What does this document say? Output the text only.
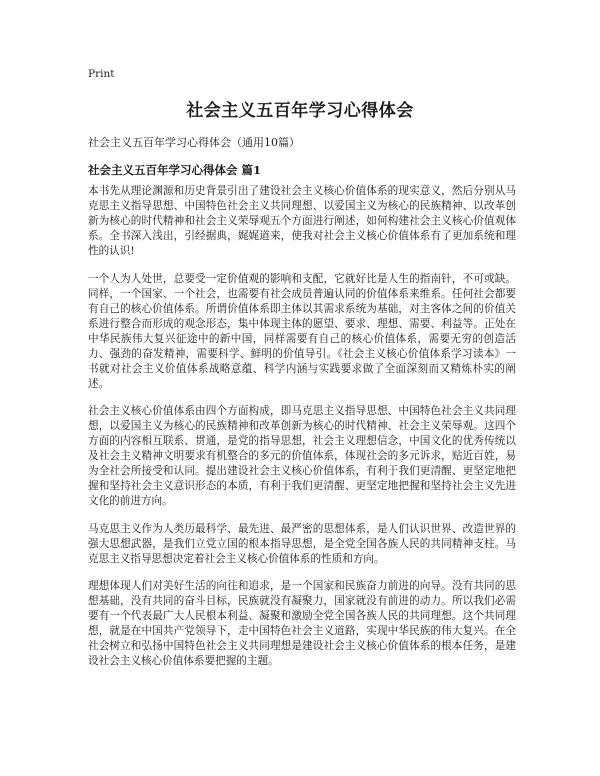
Print
社会主义五百年学习心得体会
社会主义五百年学习心得体会（通用10篇）
社会主义五百年学习心得体会 篇1

本书先从理论渊源和历史背景引出了建设社会主义核心价值体系的现实意义，然后分别从马克思主义指导思想、中国特色社会主义共同理想、以爱国主义为核心的民族精神、以改革创新为核心的时代精神和社会主义荣辱观五个方面进行阐述，如何构建社会主义核心价值观体系。全书深入浅出，引经据典，娓娓道来，使我对社会主义核心价值体系有了更加系统和理性的认识!

一个人为人处世，总要受一定价值观的影响和支配，它就好比是人生的指南针，不可或缺。同样，一个国家、一个社会，也需要有社会成员普遍认同的价值体系来维系。任何社会都要有自己的核心价值体系。所谓价值体系即主体以其需求系统为基础，对主客体之间的价值关系进行整合而形成的观念形态，集中体现主体的愿望、要求、理想、需要、利益等。正处在中华民族伟大复兴征途中的新中国，同样需要有自己的核心价值体系，需要无穷的创造活力、强劲的奋发精神，需要科学、鲜明的价值导引。《社会主义核心价值体系学习读本》一书就对社会主义价值体系战略意蕴、科学内涵与实践要求做了全面深刻而又精炼朴实的阐述。

社会主义核心价值体系由四个方面构成，即马克思主义指导思想、中国特色社会主义共同理想，以爱国主义为核心的民族精神和改革创新为核心的时代精神、社会主义荣辱观。这四个方面的内容相互联系、贯通，是党的指导思想，社会主义理想信念，中国文化的优秀传统以及社会主义精神文明要求有机整合的多元的价值体系，体现社会的多元诉求，贴近百姓，易为全社会所接受和认同。提出建设社会主义核心价值体系，有利于我们更清醒、更坚定地把握和坚持社会主义意识形态的本质，有利于我们更清醒、更坚定地把握和坚持社会主义先进文化的前进方向。

马克思主义作为人类历最科学、最先进、最严密的思想体系，是人们认识世界、改造世界的强大思想武器，是我们立党立国的根本指导思想，是全党全国各族人民的共同精神支柱。马克思主义指导思想决定着社会主义核心价值体系的性质和方向。

理想体现人们对美好生活的向往和追求，是一个国家和民族奋力前进的向导。没有共同的思想基础，没有共同的奋斗目标，民族就没有凝聚力，国家就没有前进的动力。所以我们必需要有一个代表最广大人民根本利益、凝聚和激励全党全国各族人民的共同理想。这个共同理想，就是在中国共产党领导下，走中国特色社会主义道路，实现中华民族的伟大复兴。在全社会树立和弘扬中国特色社会主义共同理想是建设社会主义核心价值体系的根本任务，是建设社会主义核心价值体系要把握的主题。
